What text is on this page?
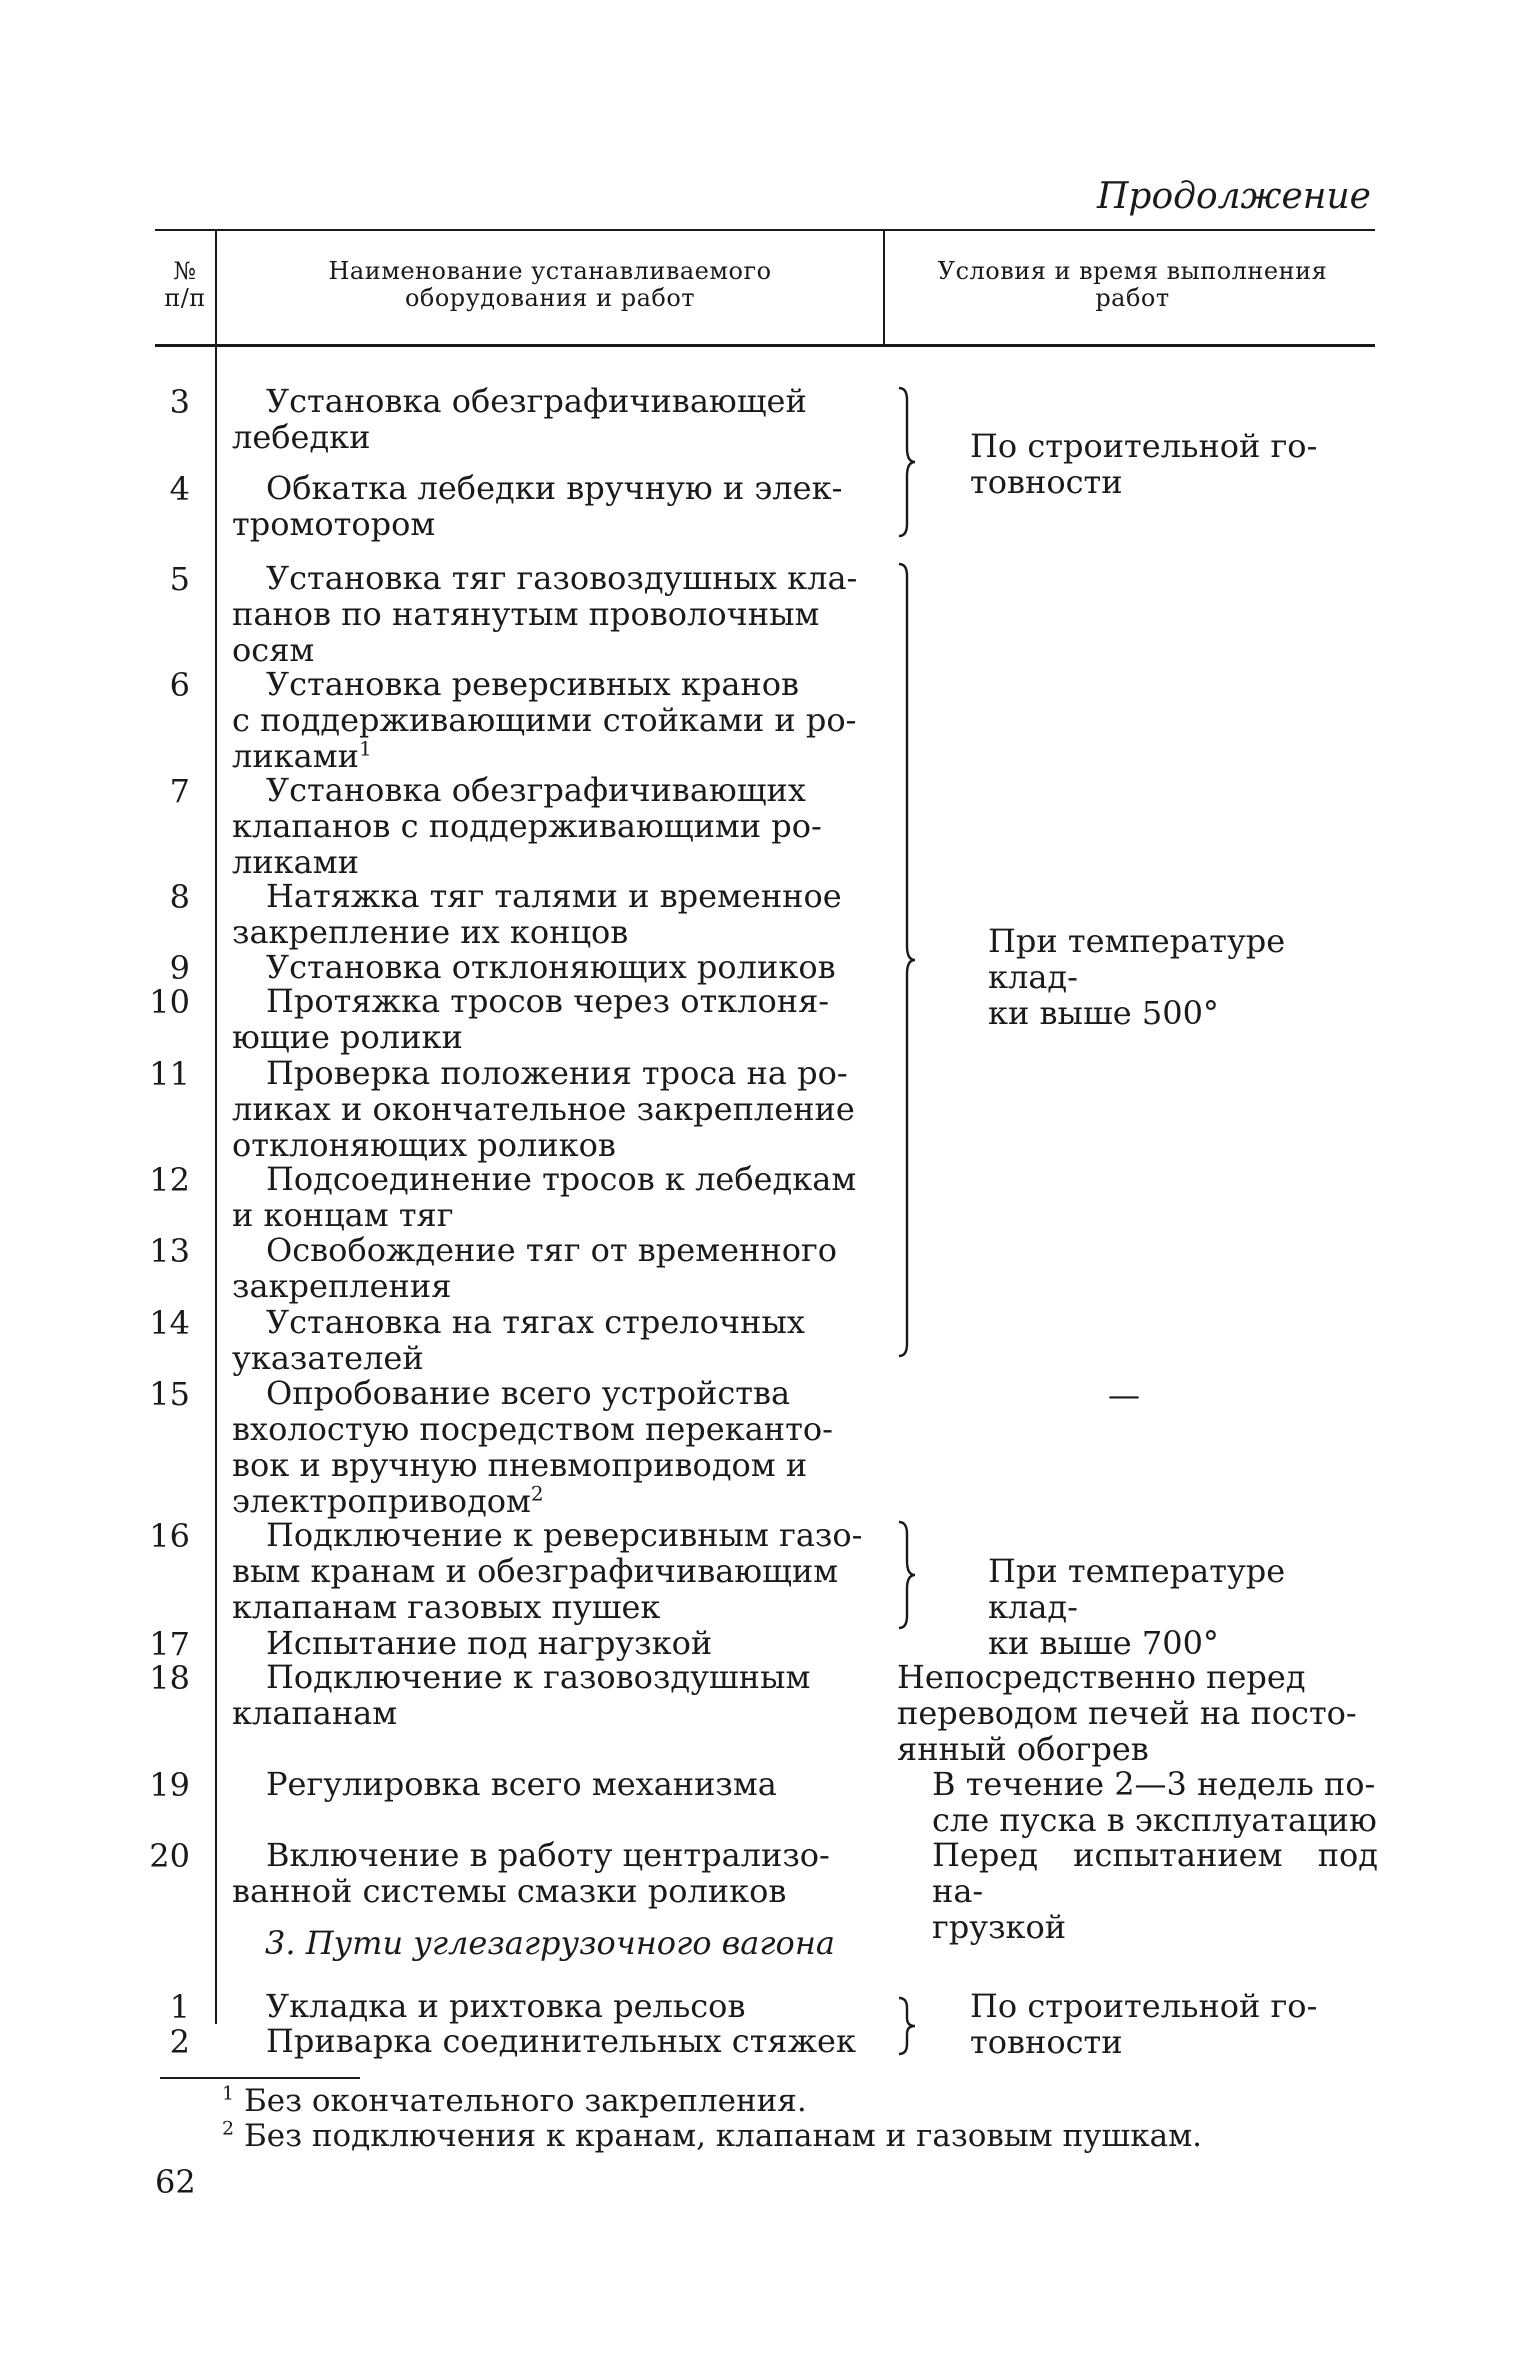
Продолжение
№
п/п
Наименование устанавливаемого
оборудования и работ
Условия и время выполнения
работ
3
4
5
6
7
8
9
10
11
12
13
14
15
16
17
18
19
20
Установка обезграфичивающей
лебедки
Обкатка лебедки вручную и элек-
тромотором
Установка тяг газовоздушных кла-
панов по натянутым проволочным
осям
Установка реверсивных кранов
с поддерживающими стойками и ро-
ликами$^1$
Установка обезграфичивающих
клапанов с поддерживающими ро-
ликами
Натяжка тяг талями и временное
закрепление их концов
Установка отклоняющих роликов
Протяжка тросов через отклоня-
ющие ролики
Проверка положения троса на ро-
ликах и окончательное закрепление
отклоняющих роликов
Подсоединение тросов к лебедкам
и концам тяг
Освобождение тяг от временного
закрепления
Установка на тягах стрелочных
указателей
Опробование всего устройства
вхолостую посредством перекантo-
вок и вручную пневмоприводом и
электроприводом$^2$
Подключение к реверсивным газо-
вым кранам и обезграфичивающим
клапанам газовых пушек
Испытание под нагрузкой
Подключение к газовоздушным
клапанам
Регулировка всего механизма
Включение в работу централизо-
ванной системы смазки роликов
По строительной го-
товности
При температуре клад-
ки выше 500°
—
При температуре клад-
ки выше 700°
Непосредственно перед
переводом печей на посто-
янный обогрев
В течение 2—3 недель по-
сле пуска в эксплуатацию
Перед испытанием под на-
грузкой
3. Пути углезагрузочного вагона
1
2
Укладка и рихтовка рельсов
Приварка соединительных стяжек
По строительной го-
товности
$^1$ Без окончательного закрепления.
$^2$ Без подключения к кранам, клапанам и газовым пушкам.
62
